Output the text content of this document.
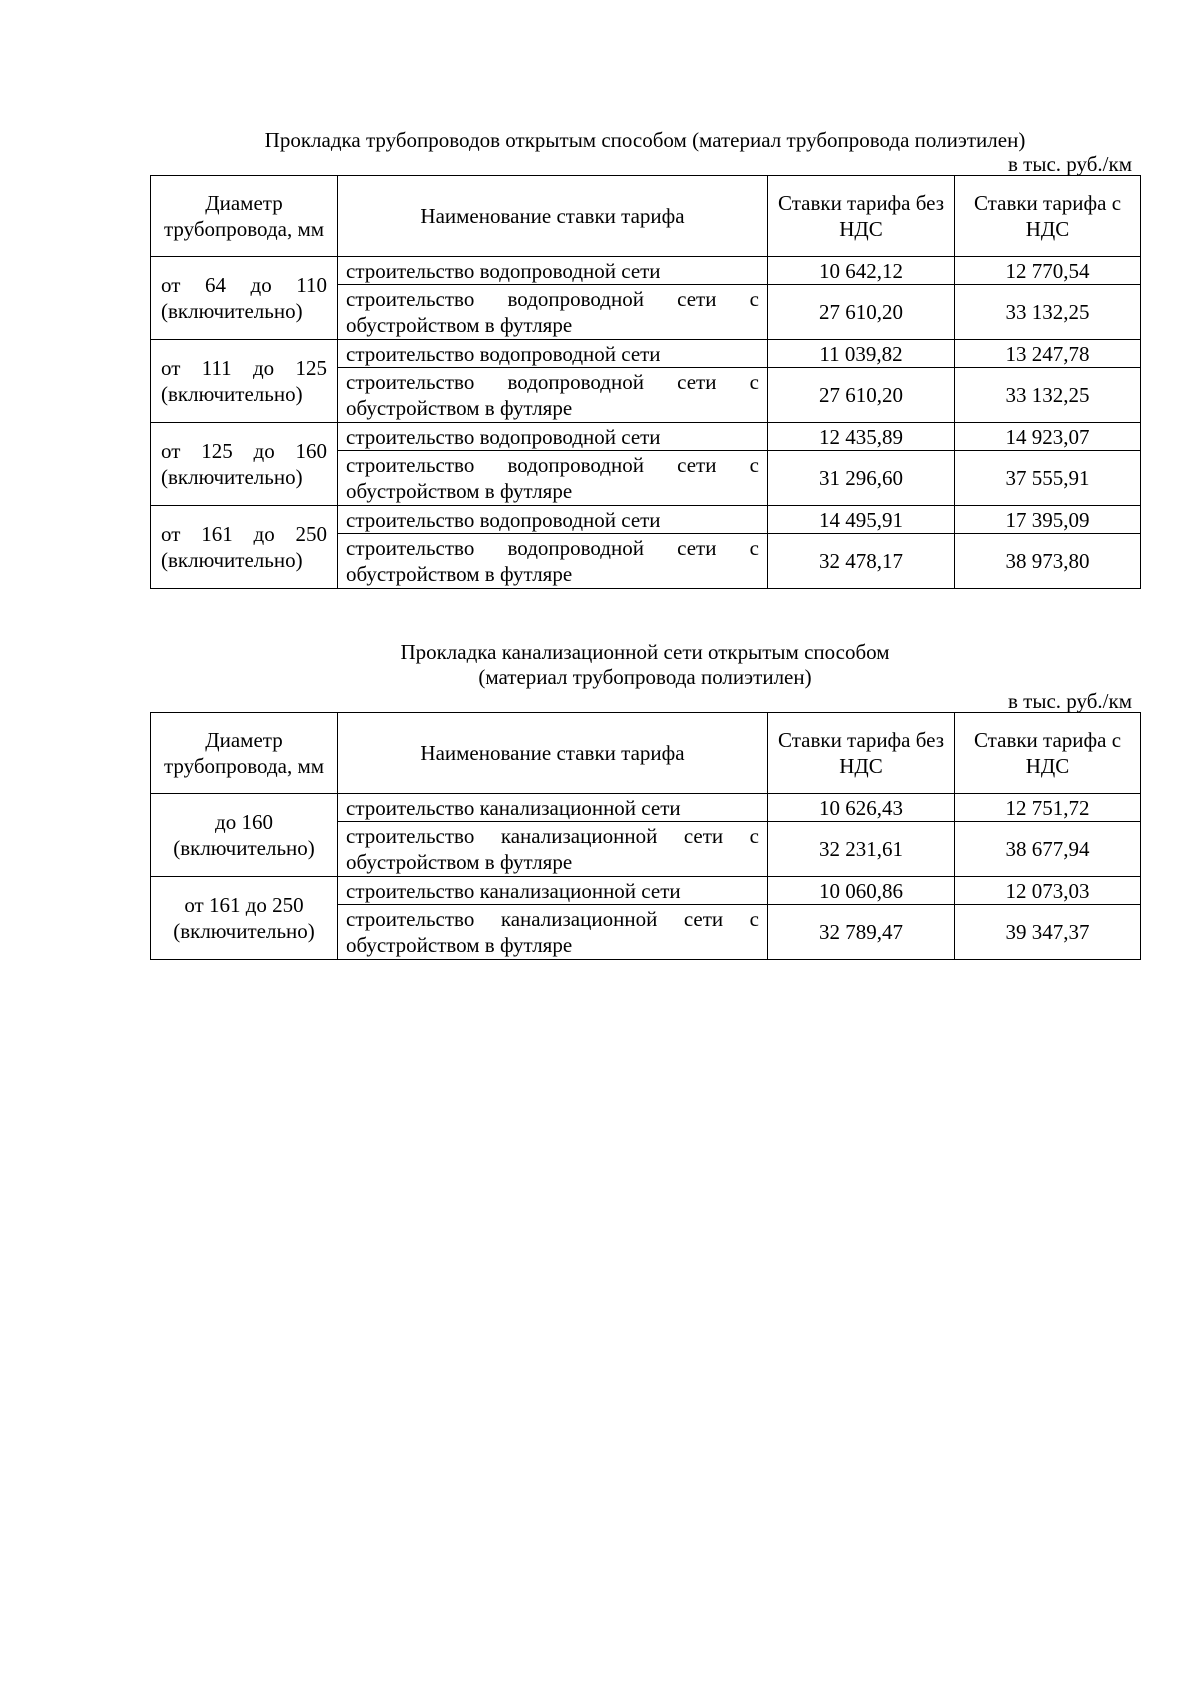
Прокладка трубопроводов открытым способом (материал трубопровода полиэтилен)
в тыс. руб./км
Диаметр трубопровода, мм	Наименование ставки тарифа	Ставки тарифа без НДС	Ставки тарифа с НДС
от 64 до 110
(включительно)	строительство водопроводной сети	10 642,12	12 770,54
	строительство водопроводной сети с обустройством в футляре	27 610,20	33 132,25
от 111 до 125
(включительно)	строительство водопроводной сети	11 039,82	13 247,78
	строительство водопроводной сети с обустройством в футляре	27 610,20	33 132,25
от 125 до 160
(включительно)	строительство водопроводной сети	12 435,89	14 923,07
	строительство водопроводной сети с обустройством в футляре	31 296,60	37 555,91
от 161 до 250
(включительно)	строительство водопроводной сети	14 495,91	17 395,09
	строительство водопроводной сети с обустройством в футляре	32 478,17	38 973,80
Прокладка канализационной сети открытым способом
(материал трубопровода полиэтилен)
в тыс. руб./км
Диаметр трубопровода, мм	Наименование ставки тарифа	Ставки тарифа без НДС	Ставки тарифа с НДС
до 160
(включительно)	строительство канализационной сети	10 626,43	12 751,72
	строительство канализационной сети с обустройством в футляре	32 231,61	38 677,94
от 161 до 250
(включительно)	строительство канализационной сети	10 060,86	12 073,03
	строительство канализационной сети с обустройством в футляре	32 789,47	39 347,37
